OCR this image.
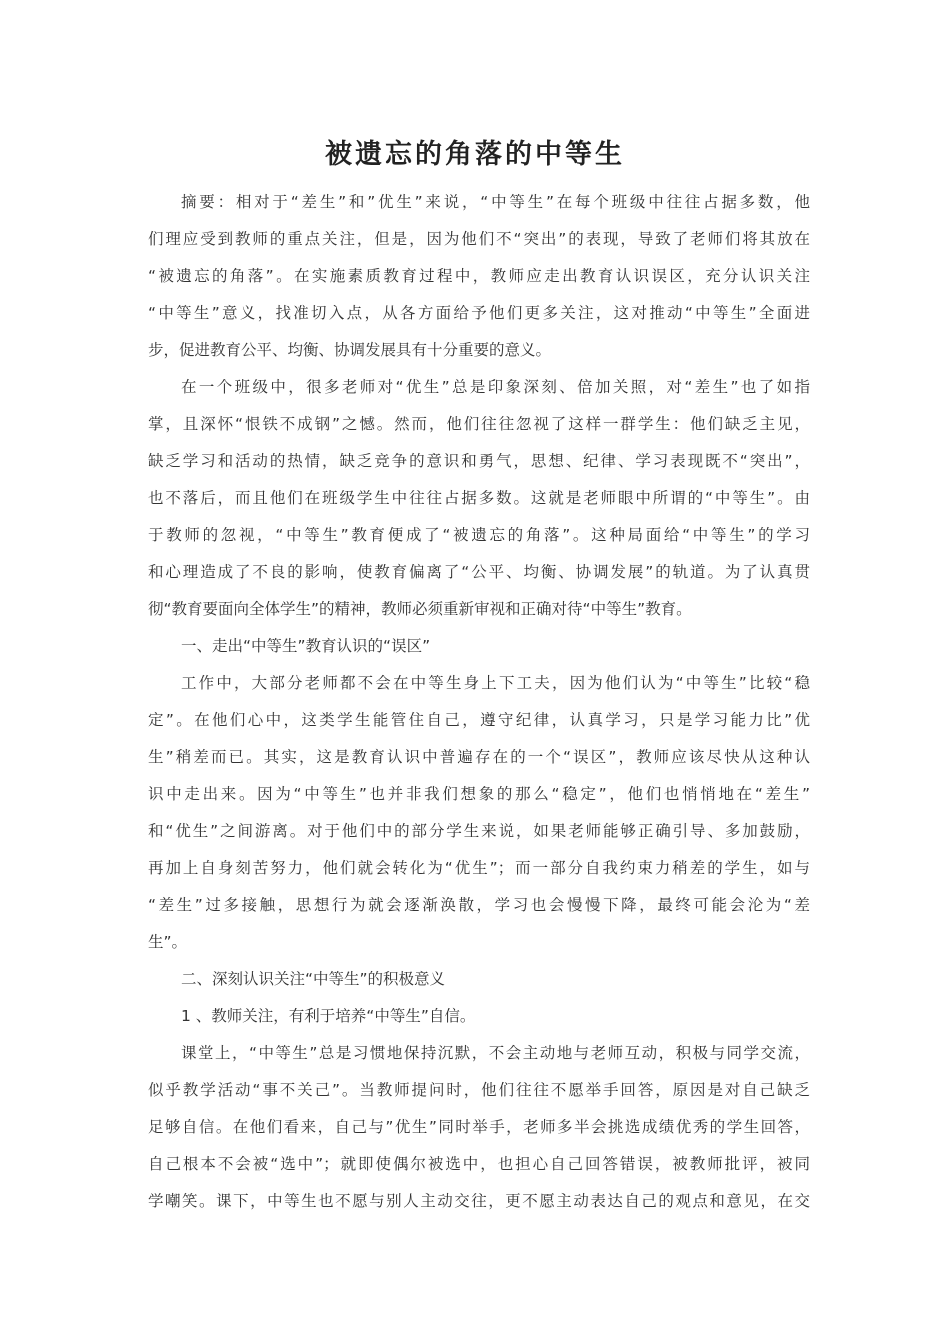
被遗忘的角落的中等生
摘要：相对于“差生”和”优生”来说，“中等生”在每个班级中往往占据多数，他
们理应受到教师的重点关注，但是，因为他们不“突出”的表现，导致了老师们将其放在
“被遗忘的角落”。在实施素质教育过程中，教师应走出教育认识误区，充分认识关注
“中等生”意义，找准切入点，从各方面给予他们更多关注，这对推动“中等生”全面进
步，促进教育公平、均衡、协调发展具有十分重要的意义。
在一个班级中，很多老师对“优生”总是印象深刻、倍加关照，对“差生”也了如指
掌，且深怀“恨铁不成钢”之憾。然而，他们往往忽视了这样一群学生：他们缺乏主见，
缺乏学习和活动的热情，缺乏竞争的意识和勇气，思想、纪律、学习表现既不“突出”，
也不落后，而且他们在班级学生中往往占据多数。这就是老师眼中所谓的“中等生”。由
于教师的忽视，“中等生”教育便成了“被遗忘的角落”。这种局面给“中等生”的学习
和心理造成了不良的影响，使教育偏离了“公平、均衡、协调发展”的轨道。为了认真贯
彻“教育要面向全体学生”的精神，教师必须重新审视和正确对待“中等生”教育。
一、走出“中等生”教育认识的“误区”
工作中，大部分老师都不会在中等生身上下工夫，因为他们认为“中等生”比较“稳
定”。在他们心中，这类学生能管住自己，遵守纪律，认真学习，只是学习能力比”优
生”稍差而已。其实，这是教育认识中普遍存在的一个“误区”，教师应该尽快从这种认
识中走出来。因为“中等生”也并非我们想象的那么“稳定”，他们也悄悄地在“差生”
和“优生”之间游离。对于他们中的部分学生来说，如果老师能够正确引导、多加鼓励，
再加上自身刻苦努力，他们就会转化为“优生”；而一部分自我约束力稍差的学生，如与
“差生”过多接触，思想行为就会逐渐涣散，学习也会慢慢下降，最终可能会沦为“差
生”。
二、深刻认识关注“中等生”的积极意义
1 、教师关注，有利于培养“中等生”自信。
课堂上，“中等生”总是习惯地保持沉默，不会主动地与老师互动，积极与同学交流，
似乎教学活动“事不关己”。当教师提问时，他们往往不愿举手回答，原因是对自己缺乏
足够自信。在他们看来，自己与”优生”同时举手，老师多半会挑选成绩优秀的学生回答，
自己根本不会被“选中”；就即使偶尔被选中，也担心自己回答错误，被教师批评，被同
学嘲笑。课下，中等生也不愿与别人主动交往，更不愿主动表达自己的观点和意见，在交
